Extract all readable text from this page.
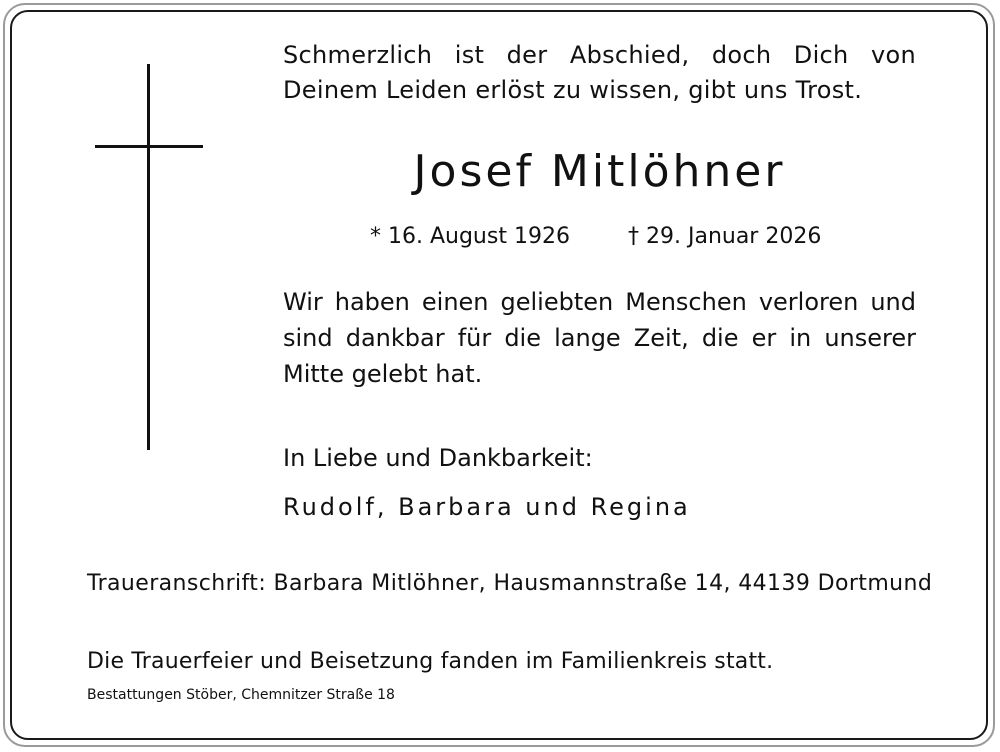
Schmerzlich ist der Abschied, doch Dich von Deinem Leiden erlöst zu wissen, gibt uns Trost.
Josef Mitlöhner
* 16. August 1926	† 29. Januar 2026
Wir haben einen geliebten Menschen verloren und sind dankbar für die lange Zeit, die er in unserer Mitte gelebt hat.
In Liebe und Dankbarkeit:
Rudolf, Barbara und Regina
Traueranschrift: Barbara Mitlöhner, Hausmannstraße 14, 44139 Dortmund
Die Trauerfeier und Beisetzung fanden im Familienkreis statt.
Bestattungen Stöber, Chemnitzer Straße 18
